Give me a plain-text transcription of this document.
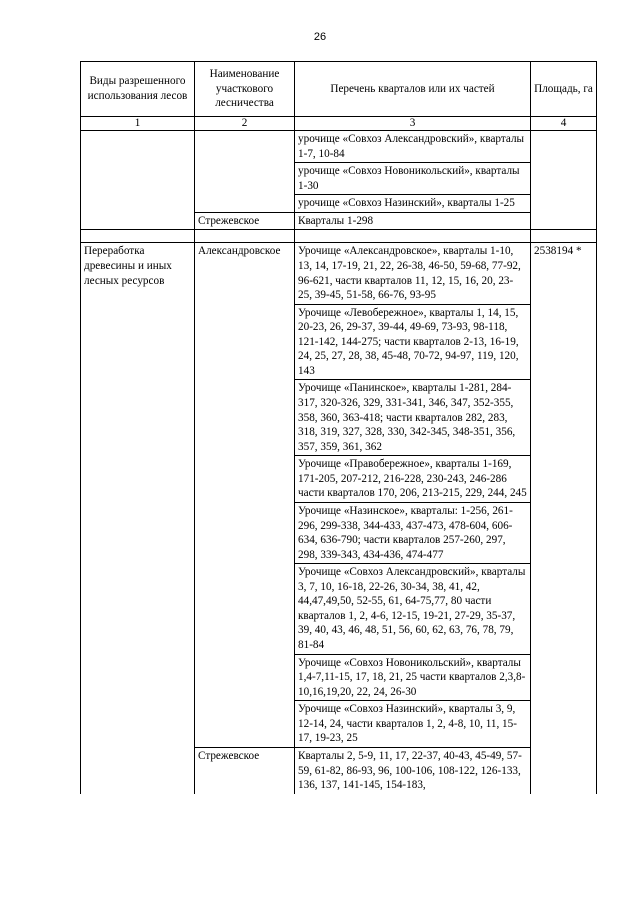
26
Виды разрешенного использования лесов	Наименование участкового лесничества	Перечень кварталов или их частей	Площадь, га
1	2	3	4
		урочище «Совхоз Александровский», кварталы 1-7, 10-84	
		урочище «Совхоз Новоникольский», кварталы 1-30	
		урочище «Совхоз Назинский», кварталы 1-25	
	Стрежевское	Кварталы 1-298	

Переработка древесины и иных лесных ресурсов	Александровское	Урочище «Александровское», кварталы 1-10, 13, 14, 17-19, 21, 22, 26-38, 46-50, 59-68, 77-92, 96-621, части кварталов 11, 12, 15, 16, 20, 23-25, 39-45, 51-58, 66-76, 93-95	2538194 *
		Урочище «Левобережное», кварталы 1, 14, 15, 20-23, 26, 29-37, 39-44, 49-69, 73-93, 98-118, 121-142, 144-275; части кварталов 2-13, 16-19, 24, 25, 27, 28, 38, 45-48, 70-72, 94-97, 119, 120, 143	
		Урочище «Панинское», кварталы 1-281, 284-317, 320-326, 329, 331-341, 346, 347, 352-355, 358, 360, 363-418; части кварталов 282, 283, 318, 319, 327, 328, 330, 342-345, 348-351, 356, 357, 359, 361, 362	
		Урочище «Правобережное», кварталы 1-169, 171-205, 207-212, 216-228, 230-243, 246-286 части кварталов 170, 206, 213-215, 229, 244, 245	
		Урочище «Назинское», кварталы: 1-256, 261-296, 299-338, 344-433, 437-473, 478-604, 606-634, 636-790; части кварталов 257-260, 297, 298, 339-343, 434-436, 474-477	
		Урочище «Совхоз Александровский», кварталы 3, 7, 10, 16-18, 22-26, 30-34, 38, 41, 42, 44,47,49,50, 52-55, 61, 64-75,77, 80 части кварталов 1, 2, 4-6, 12-15, 19-21, 27-29, 35-37, 39, 40, 43, 46, 48, 51, 56, 60, 62, 63, 76, 78, 79, 81-84	
		Урочище «Совхоз Новоникольский», кварталы 1,4-7,11-15, 17, 18, 21, 25 части кварталов 2,3,8-10,16,19,20, 22, 24, 26-30	
		Урочище «Совхоз Назинский», кварталы 3, 9, 12-14, 24, части кварталов 1, 2, 4-8, 10, 11, 15-17, 19-23, 25	
	Стрежевское	Кварталы 2, 5-9, 11, 17, 22-37, 40-43, 45-49, 57-59, 61-82, 86-93, 96, 100-106, 108-122, 126-133, 136, 137, 141-145, 154-183,	
